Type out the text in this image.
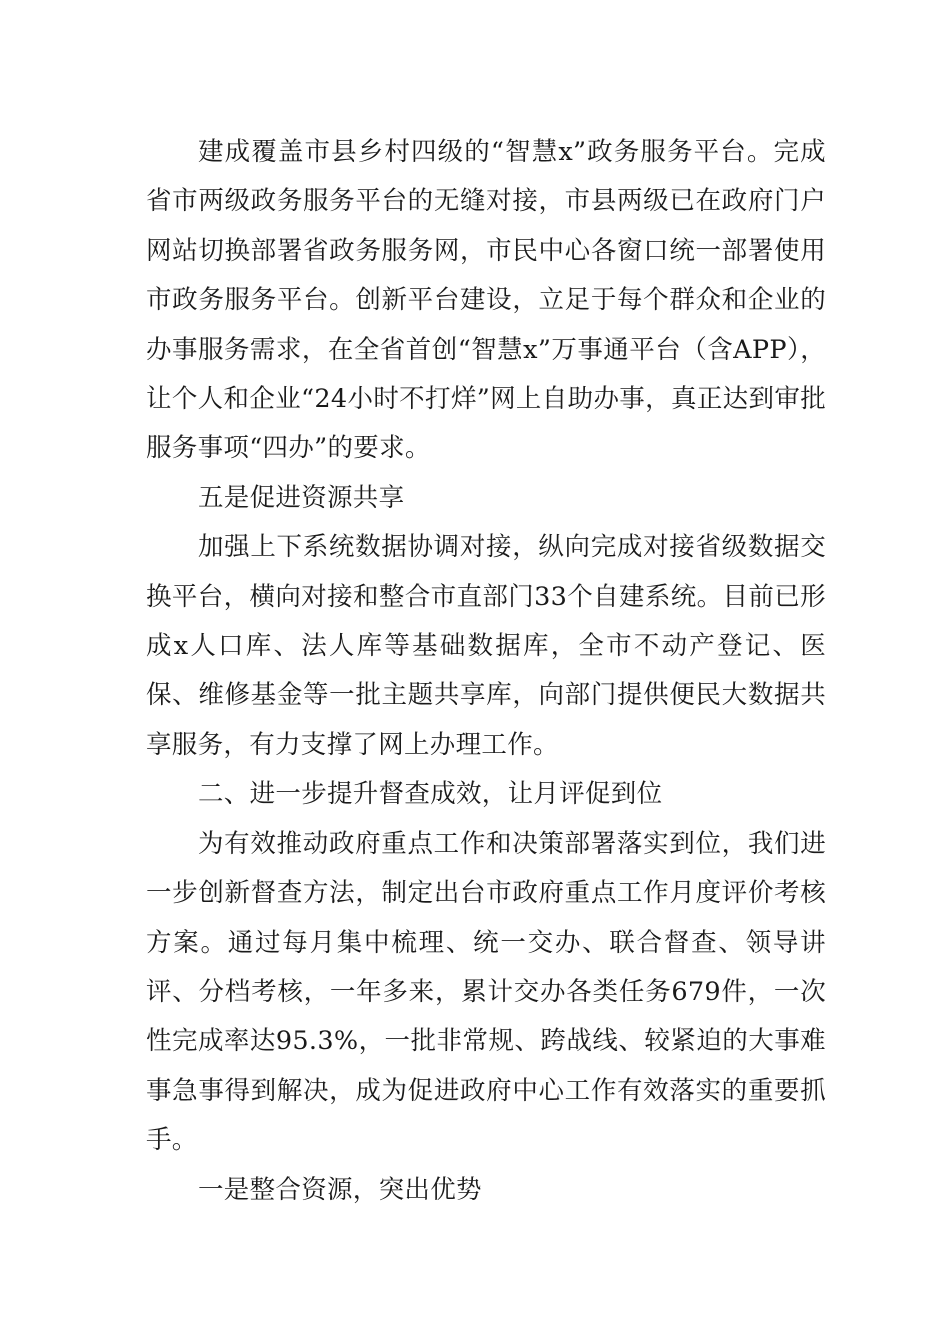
建成覆盖市县乡村四级的“智慧x”政务服务平台。完成省市两级政务服务平台的无缝对接，市县两级已在政府门户网站切换部署省政务服务网，市民中心各窗口统一部署使用市政务服务平台。创新平台建设，立足于每个群众和企业的办事服务需求，在全省首创“智慧x”万事通平台（含APP），让个人和企业“24小时不打烊”网上自助办事，真正达到审批服务事项“四办”的要求。

五是促进资源共享

加强上下系统数据协调对接，纵向完成对接省级数据交换平台，横向对接和整合市直部门33个自建系统。目前已形成x人口库、法人库等基础数据库，全市不动产登记、医保、维修基金等一批主题共享库，向部门提供便民大数据共享服务，有力支撑了网上办理工作。

二、进一步提升督查成效，让月评促到位

为有效推动政府重点工作和决策部署落实到位，我们进一步创新督查方法，制定出台市政府重点工作月度评价考核方案。通过每月集中梳理、统一交办、联合督查、领导讲评、分档考核，一年多来，累计交办各类任务679件，一次性完成率达95.3%，一批非常规、跨战线、较紧迫的大事难事急事得到解决，成为促进政府中心工作有效落实的重要抓手。

一是整合资源，突出优势
